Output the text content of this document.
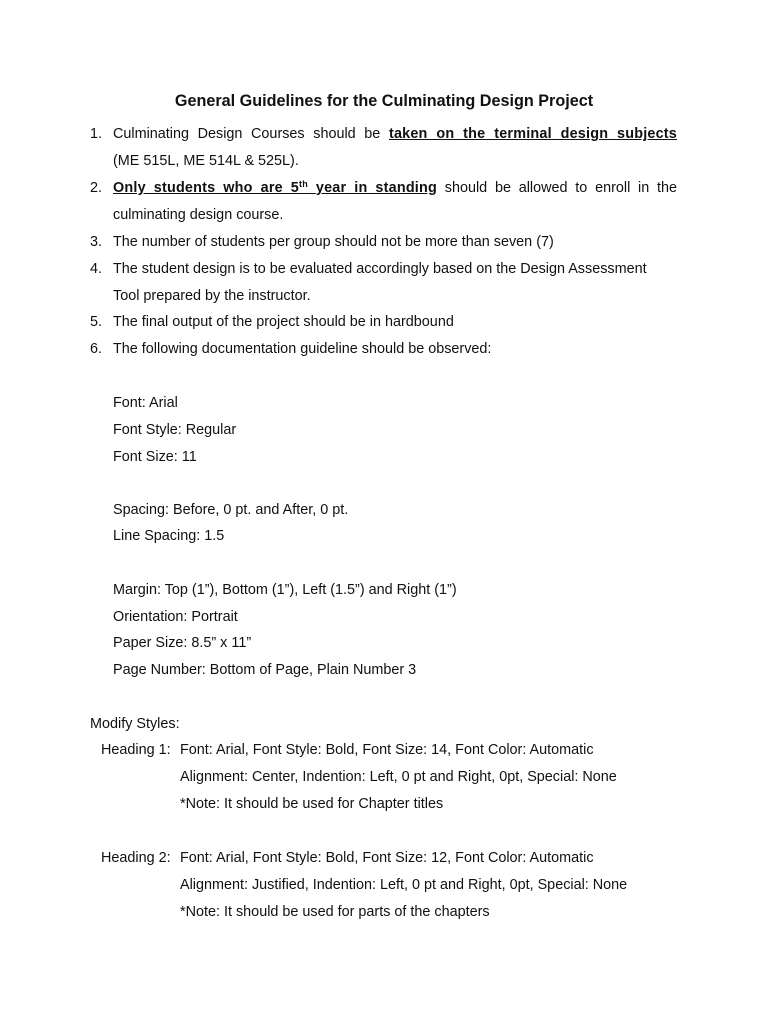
General Guidelines for the Culminating Design Project
1. Culminating Design Courses should be taken on the terminal design subjects
(ME 515L, ME 514L & 525L).
2. Only students who are 5th year in standing should be allowed to enroll in the
culminating design course.
3. The number of students per group should not be more than seven (7)
4. The student design is to be evaluated accordingly based on the Design Assessment
Tool prepared by the instructor.
5. The final output of the project should be in hardbound
6. The following documentation guideline should be observed:
Font: Arial
Font Style: Regular
Font Size: 11
Spacing: Before, 0 pt. and After, 0 pt.
Line Spacing: 1.5
Margin: Top (1”), Bottom (1”), Left (1.5”) and Right (1”)
Orientation: Portrait
Paper Size: 8.5” x 11”
Page Number: Bottom of Page, Plain Number 3
Modify Styles:
Heading 1: Font: Arial, Font Style: Bold, Font Size: 14, Font Color: Automatic
Alignment: Center, Indention: Left, 0 pt and Right, 0pt, Special: None
*Note: It should be used for Chapter titles
Heading 2: Font: Arial, Font Style: Bold, Font Size: 12, Font Color: Automatic
Alignment: Justified, Indention: Left, 0 pt and Right, 0pt, Special: None
*Note: It should be used for parts of the chapters
